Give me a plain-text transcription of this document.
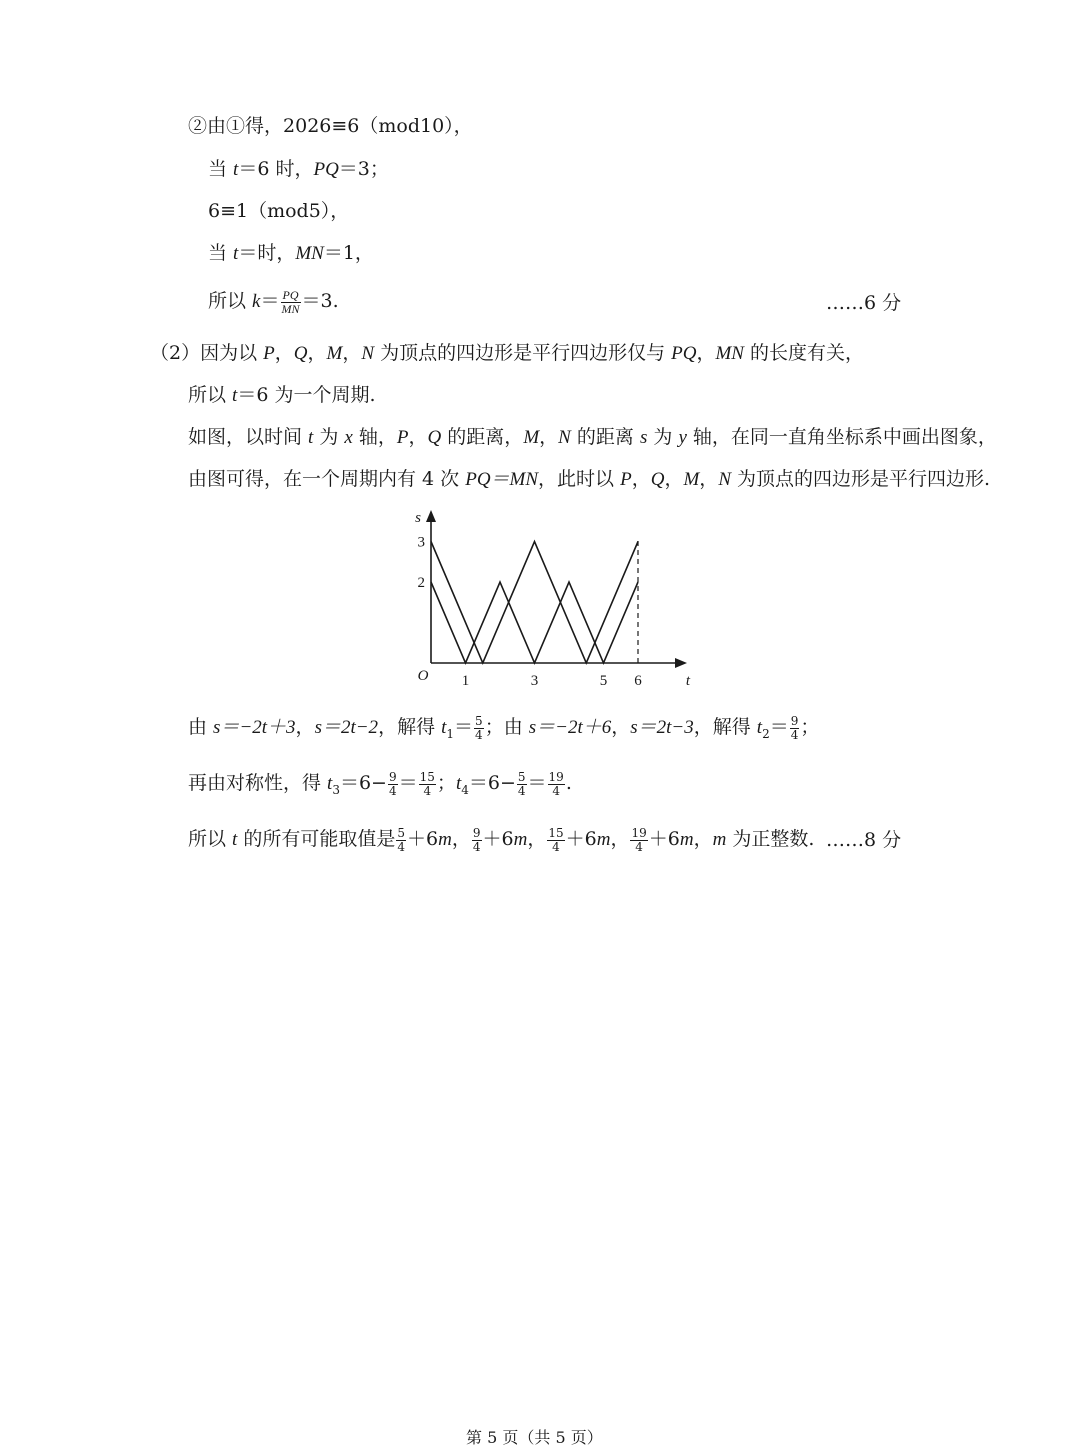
②由①得，2026≡6（mod10），
当 t＝6 时，PQ＝3；
6≡1（mod5），
当 t＝时，MN＝1，
所以 $k= \frac{PQ}{MN} =3$.	……6 分
（2）因为以 P，Q，M，N 为顶点的四边形是平行四边形仅与 PQ，MN 的长度有关，
所以 t＝6 为一个周期.
如图，以时间 t 为 x 轴，P，Q 的距离，M，N 的距离 s 为 y 轴，在同一直角坐标系中画出图象，
由图可得，在一个周期内有 4 次 PQ＝MN，此时以 P，Q，M，N 为顶点的四边形是平行四边形.
1	3	5 6
2
3
O	t
s
由 s＝−2t＋3，s＝2t−2，解得 $t_1= \frac{5}{4}$ ；由 s＝−2t＋6，s＝2t−3，解得 $t_2= \frac{9}{4}$ ；
再由对称性，得 $t_3=6- \frac{9}{4} = \frac{15}{4}$ ；$t_4=6- \frac{5}{4} = \frac{19}{4}$ .
所以 t 的所有可能取值是 $\frac{5}{4} +6m$， $\frac{9}{4} +6m$， $\frac{15}{4} +6m$， $\frac{19}{4} +6m$，m 为正整数. ……8 分
第 5 页（共 5 页）
